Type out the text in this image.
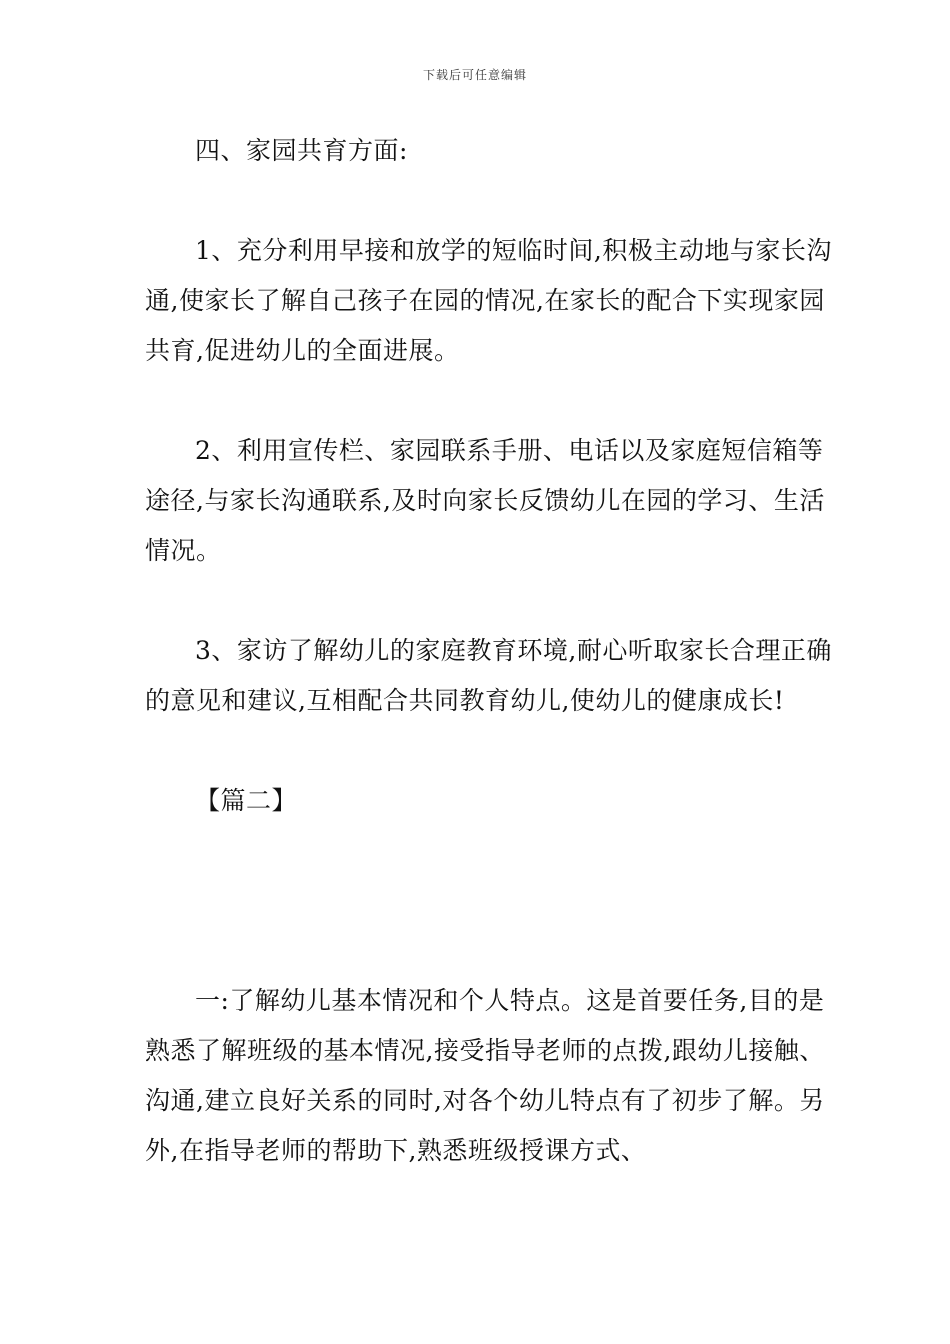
下载后可任意编辑

四、家园共育方面:

1、充分利用早接和放学的短临时间,积极主动地与家长沟通,使家长了解自己孩子在园的情况,在家长的配合下实现家园共育,促进幼儿的全面进展。

2、利用宣传栏、家园联系手册、电话以及家庭短信箱等途径,与家长沟通联系,及时向家长反馈幼儿在园的学习、生活情况。

3、家访了解幼儿的家庭教育环境,耐心听取家长合理正确的意见和建议,互相配合共同教育幼儿,使幼儿的健康成长!

【篇二】

一:了解幼儿基本情况和个人特点。这是首要任务,目的是熟悉了解班级的基本情况,接受指导老师的点拨,跟幼儿接触、沟通,建立良好关系的同时,对各个幼儿特点有了初步了解。另外,在指导老师的帮助下,熟悉班级授课方式、
